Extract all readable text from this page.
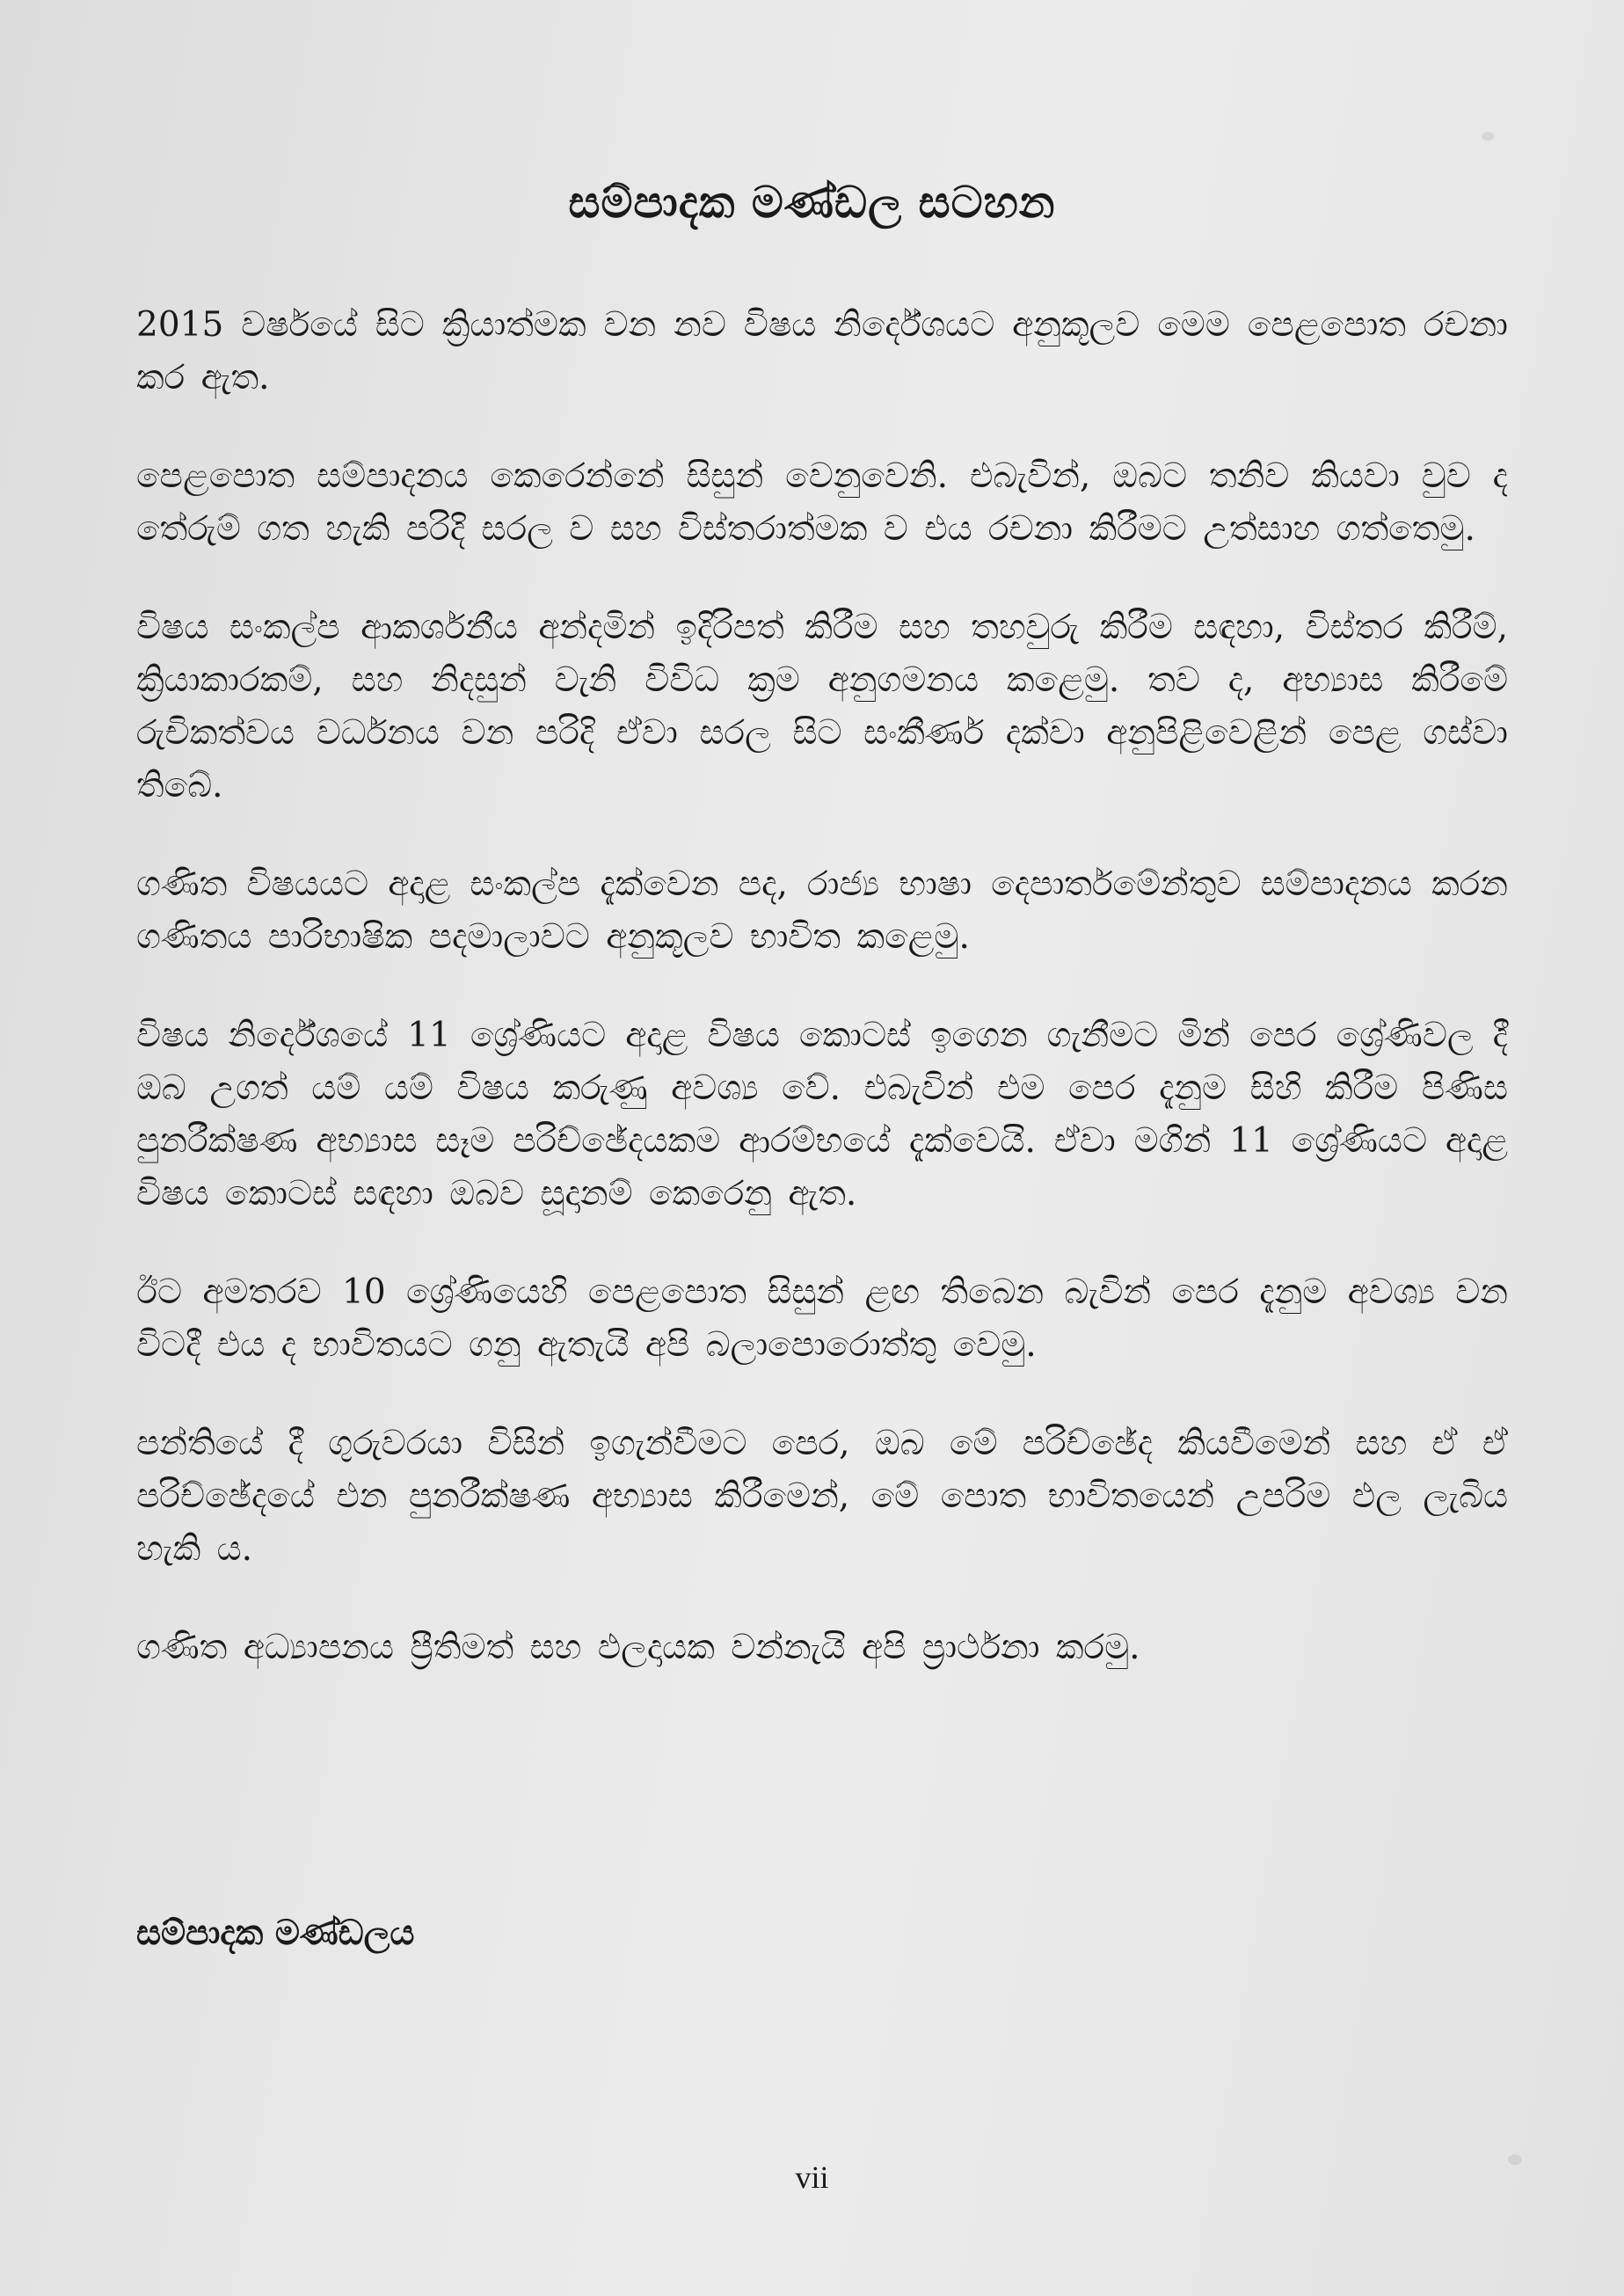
සම්පාදක මණ්ඩල සටහන

2015 වර්ෂයේ සිට ක්‍රියාත්මක වන නව විෂය නිර්දේශයට අනුකූලව මෙම පෙළපොත රචනා කර ඇත.

පෙළපොත සම්පාදනය කෙරෙන්නේ සිසුන් වෙනුවෙනි. එබැවින්, ඔබට තනිව කියවා වුව ද තේරුම් ගත හැකි පරිදි සරල ව සහ විස්තරාත්මක ව එය රචනා කිරීමට උත්සාහ ගත්තෙමු.

විෂය සංකල්ප ආකර්ශනීය අන්දමින් ඉදිරිපත් කිරීම සහ තහවුරු කිරීම සඳහා, විස්තර කිරීම්, ක්‍රියාකාරකම්, සහ නිදසුන් වැනි විවිධ ක්‍රම අනුගමනය කළෙමු. තව ද, අභ්‍යාස කිරීමේ රුචිකත්වය වර්ධනය වන පරිදි ඒවා සරල සිට සංකීර්ණ දක්වා අනුපිළිවෙළින් පෙළ ගස්වා තිබේ.

ගණිත විෂයයට අදාළ සංකල්ප දැක්වෙන පද, රාජ්‍ය භාෂා දෙපාර්තමේන්තුව සම්පාදනය කරන ගණිතය පාරිභාෂික පදමාලාවට අනුකූලව භාවිත කළෙමු.

විෂය නිර්දේශයේ 11 ශ්‍රේණියට අදාළ විෂය කොටස් ඉගෙන ගැනීමට මින් පෙර ශ්‍රේණිවල දී ඔබ උගත් යම් යම් විෂය කරුණු අවශ්‍ය වේ. එබැවින් එම පෙර දැනුම සිහි කිරීම පිණිස පුනරීක්ෂණ අභ්‍යාස සෑම පරිච්ඡේදයකම ආරම්භයේ දැක්වෙයි. ඒවා මගින් 11 ශ්‍රේණියට අදාළ විෂය කොටස් සඳහා ඔබව සූදානම් කෙරෙනු ඇත.

ඊට අමතරව 10 ශ්‍රේණියෙහි පෙළපොත සිසුන් ළඟ තිබෙන බැවින් පෙර දැනුම අවශ්‍ය වන විටදී එය ද භාවිතයට ගනු ඇතැයි අපි බලාපොරොත්තු වෙමු.

පන්තියේ දී ගුරුවරයා විසින් ඉගැන්වීමට පෙර, ඔබ මේ පරිච්ඡේද කියවීමෙන් සහ ඒ ඒ පරිච්ඡේදයේ එන පුනරීක්ෂණ අභ්‍යාස කිරීමෙන්, මේ පොත භාවිතයෙන් උපරිම ඵල ලැබිය හැකි ය.

ගණිත අධ්‍යාපනය ප්‍රීතිමත් සහ ඵලදායක වන්නැයි අපි ප්‍රාර්ථනා කරමු.

සම්පාදක මණ්ඩලය

vii
